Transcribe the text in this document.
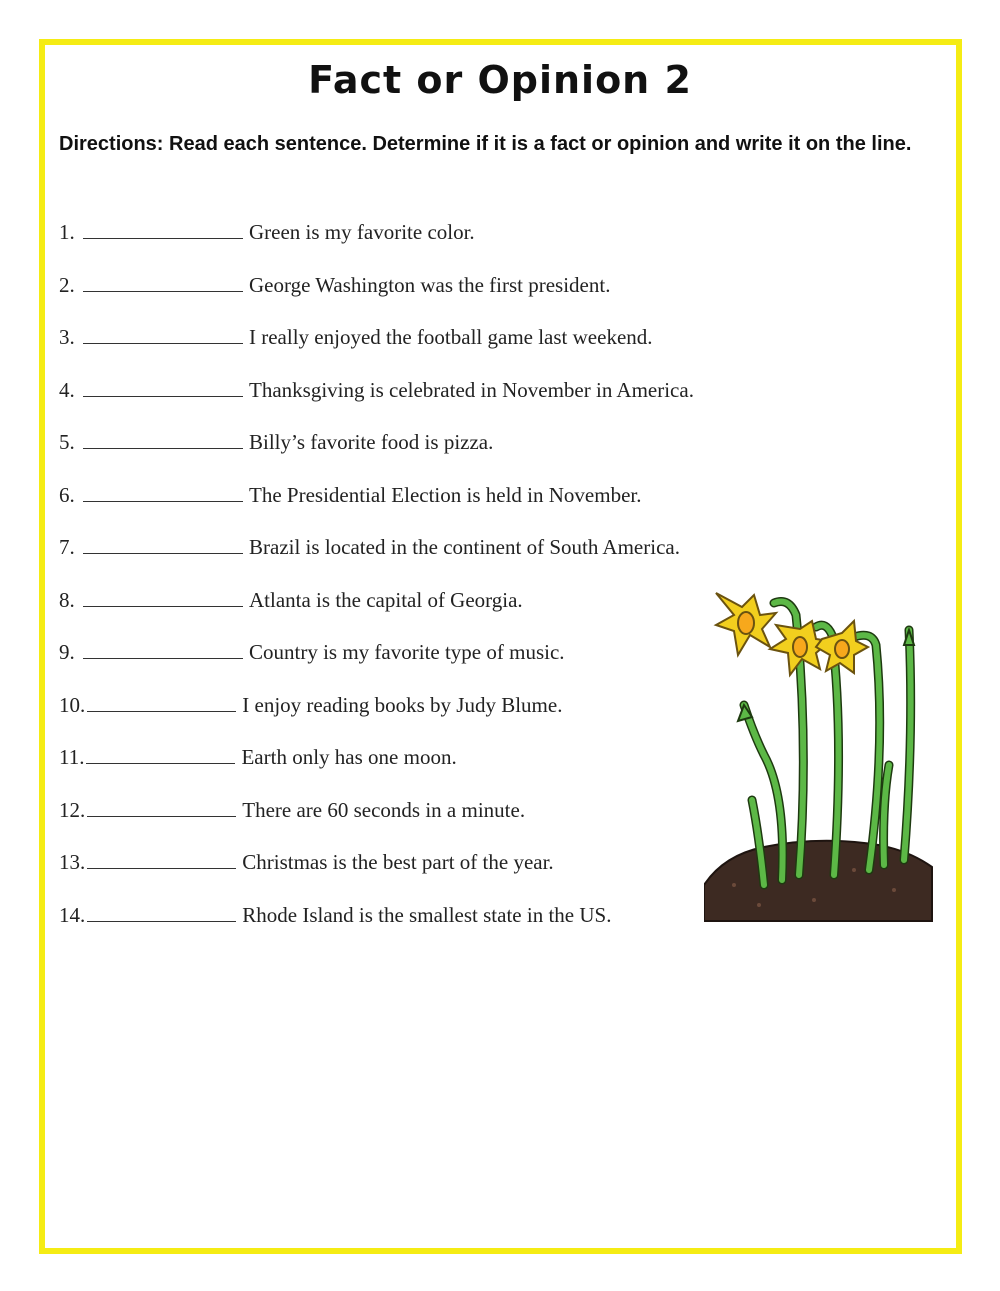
Fact or Opinion 2
Directions: Read each sentence. Determine if it is a fact or opinion and write it on the line.
1.	Green is my favorite color.
2.	George Washington was the first president.
3.	I really enjoyed the football game last weekend.
4.	Thanksgiving is celebrated in November in America.
5.	Billy’s favorite food is pizza.
6.	The Presidential Election is held in November.
7.	Brazil is located in the continent of South America.
8.	Atlanta is the capital of Georgia.
9.	Country is my favorite type of music.
10.	I enjoy reading books by Judy Blume.
11.	Earth only has one moon.
12.	There are 60 seconds in a minute.
13.	Christmas is the best part of the year.
14.	Rhode Island is the smallest state in the US.
